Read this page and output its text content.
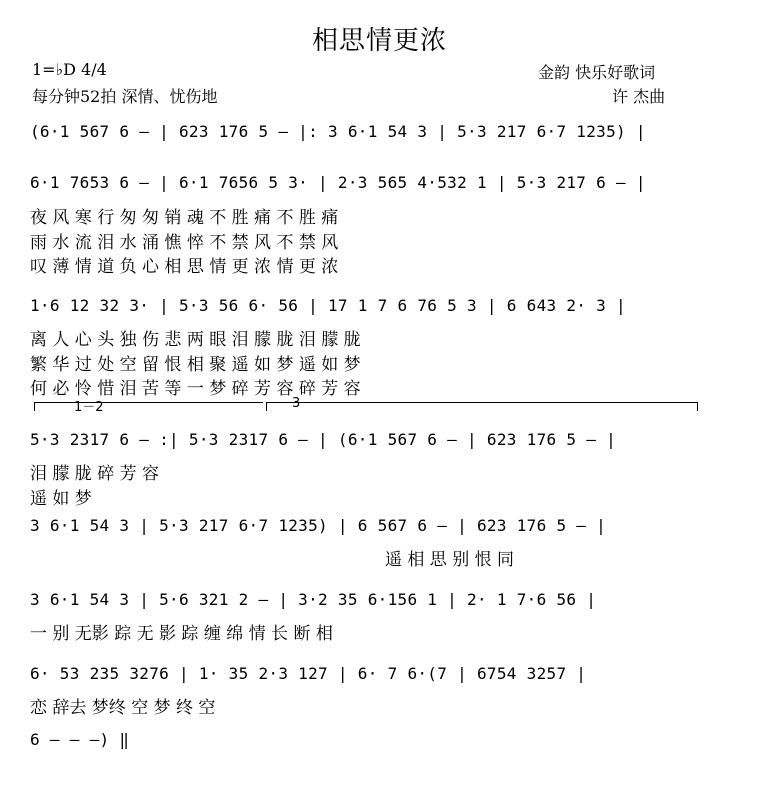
相思情更浓
1=♭D 4/4
每分钟52拍 深情、忧伤地
金韵 快乐好歌词
许 杰曲
(6·1 567 6 – | 623 176 5 – |: 3 6·1 54 3 | 5·3 217 6·7 1235) |
6·1 7653 6 – | 6·1 7656 5 3· | 2·3 565 4·532 1 | 5·3 217 6 – |
夜 风 寒 行 匆 匆 销 魂 不 胜 痛 不 胜 痛
雨 水 流 泪 水 涌 憔 悴 不 禁 风 不 禁 风
叹 薄 情 道 负 心 相 思 情 更 浓 情 更 浓
1·6 12 32 3· | 5·3 56 6· 56 | 17 1 7 6 76 5 3 | 6 643 2· 3 |
离 人 心 头 独 伤 悲 两 眼 泪 朦 胧 泪 朦 胧
繁 华 过 处 空 留 恨 相 聚 遥 如 梦 遥 如 梦
何 必 怜 惜 泪 苦 等 一 梦 碎 芳 容 碎 芳 容
1－2	3
5·3 2317 6 – :| 5·3 2317 6 – | (6·1 567 6 – | 623 176 5 – |
泪 朦 胧 碎 芳 容
遥 如 梦
3 6·1 54 3 | 5·3 217 6·7 1235) | 6 567 6 – | 623 176 5 – |
遥 相 思 别 恨 同
3 6·1 54 3 | 5·6 321 2 – | 3·2 35 6·156 1 | 2· 1 7·6 56 |
一 别 无影 踪 无 影 踪 缠 绵 情 长 断 相
6· 53 235 3276 | 1· 35 2·3 127 | 6· 7 6·(7 | 6754 3257 |
恋 辞去 梦终 空 梦 终 空
6 – – –) ‖
